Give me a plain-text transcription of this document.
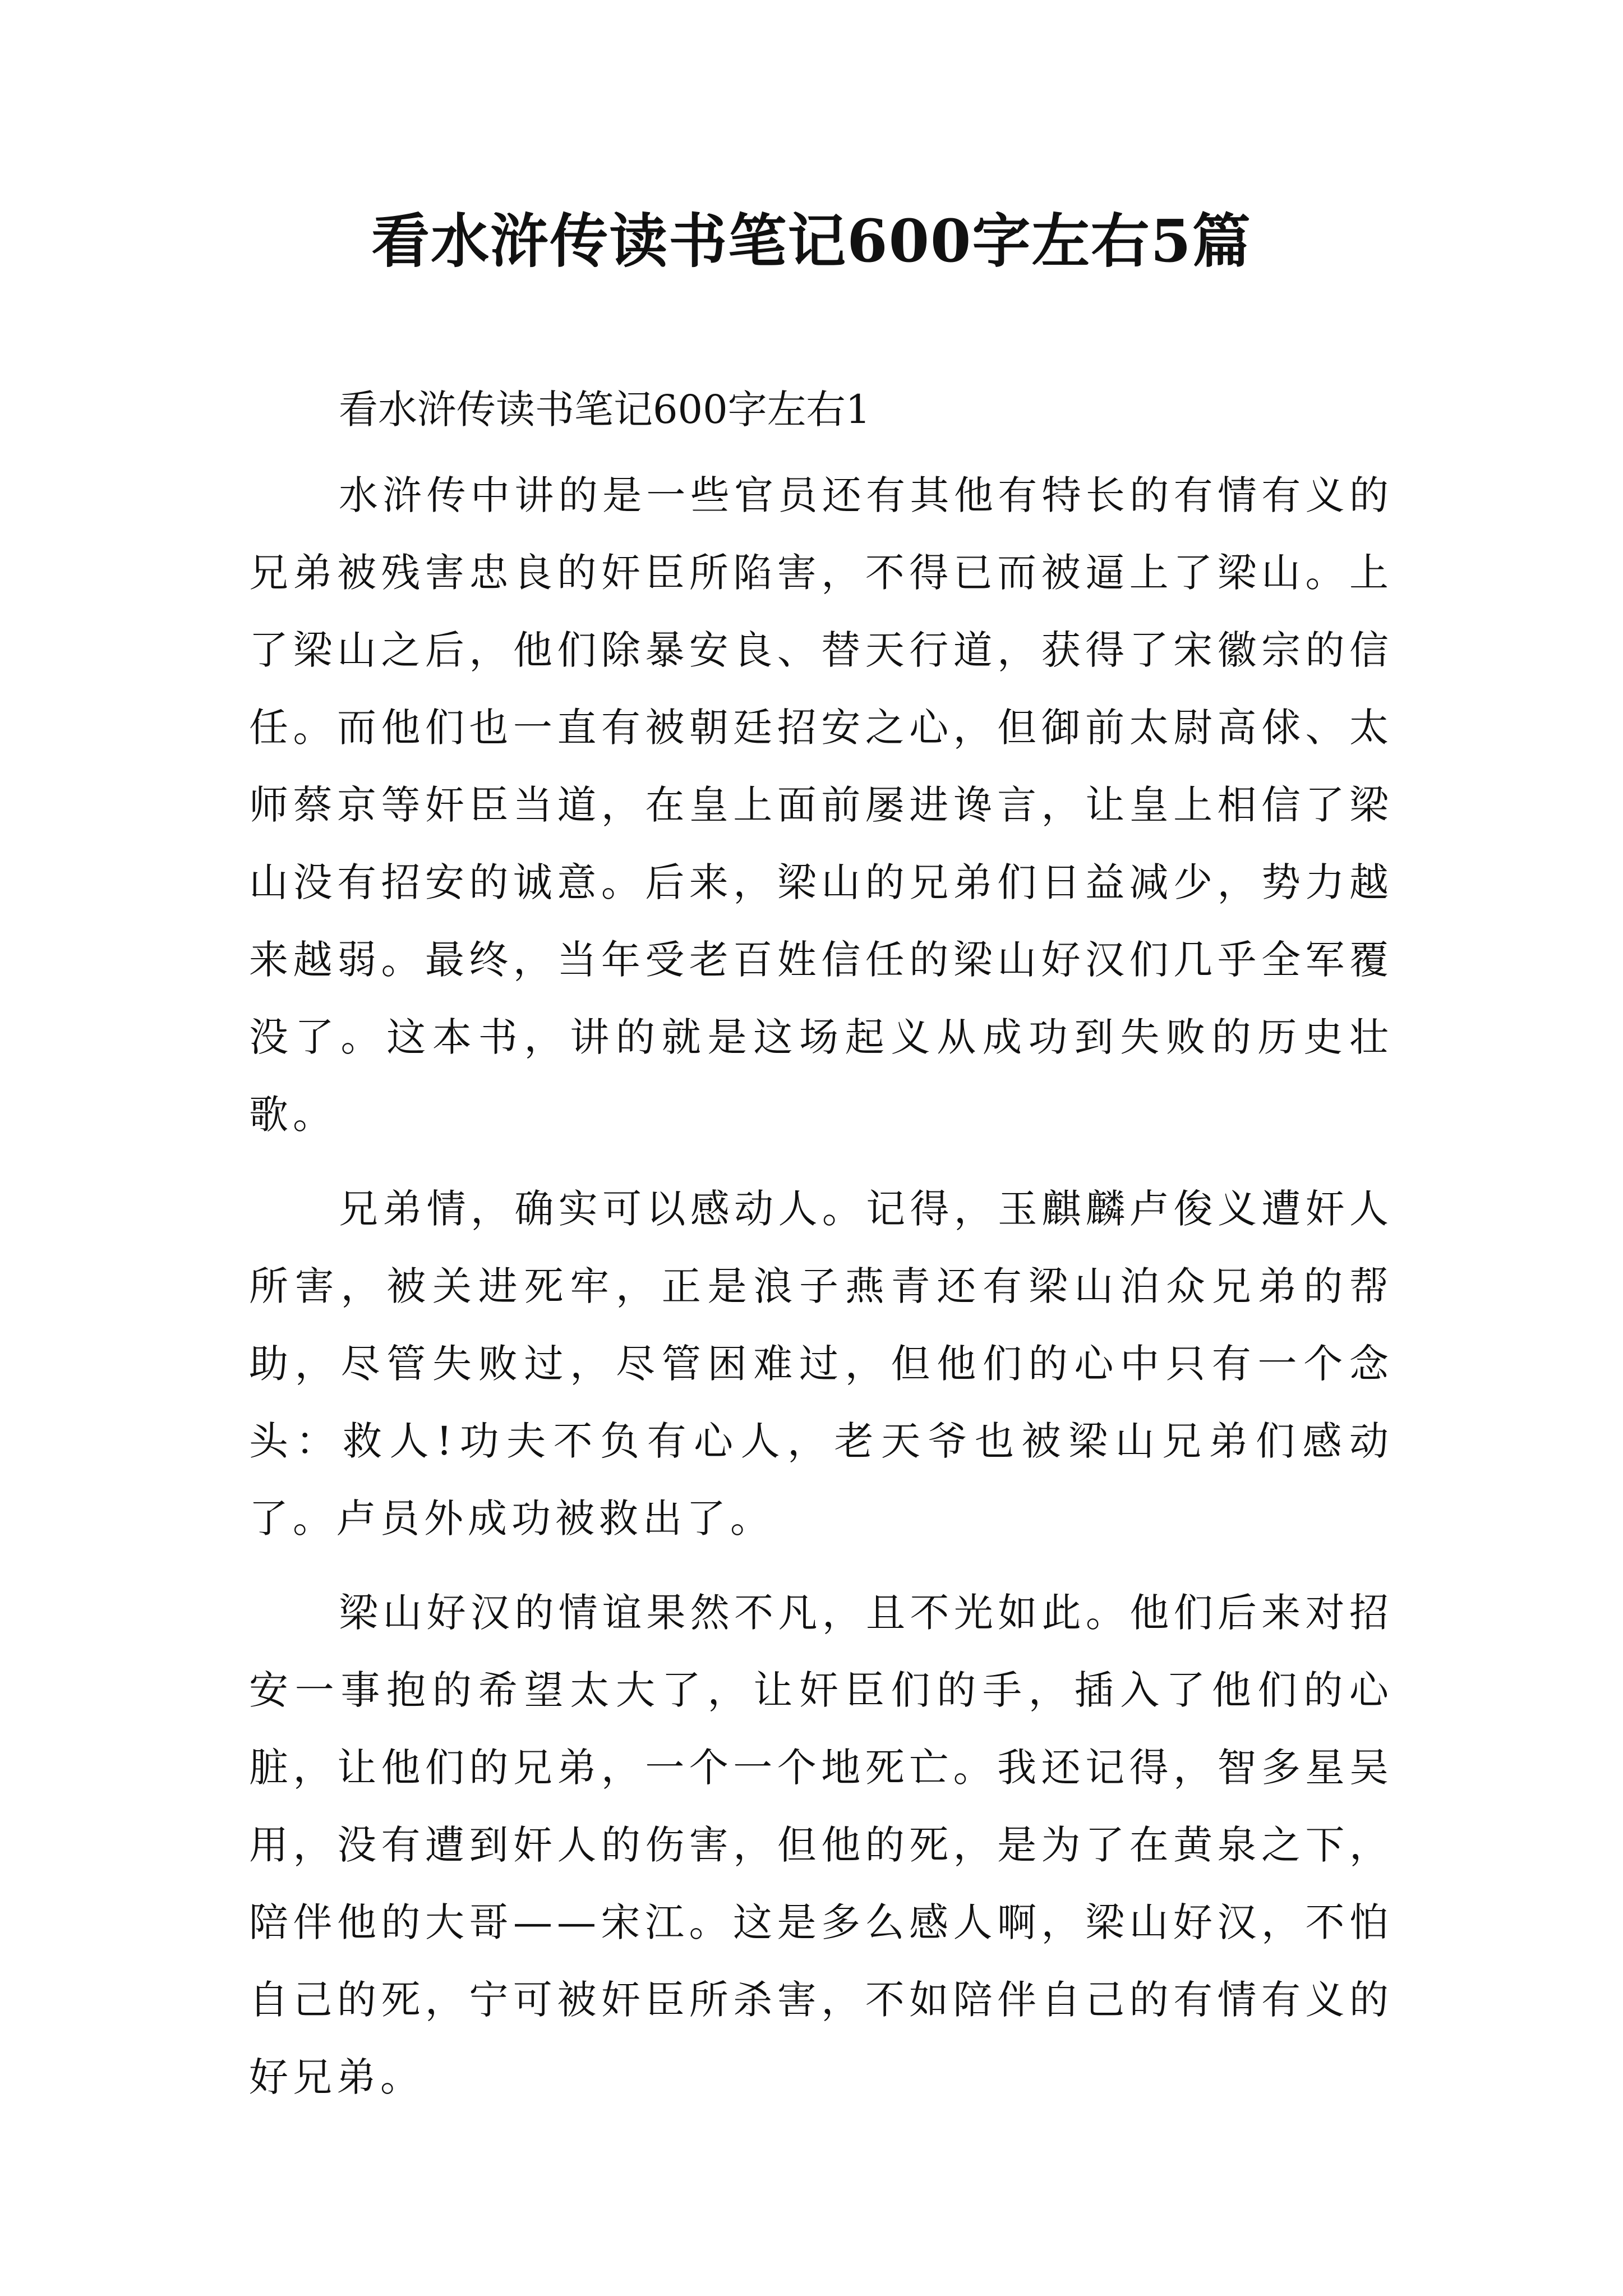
看水浒传读书笔记600字左右5篇

看水浒传读书笔记600字左右1

水浒传中讲的是一些官员还有其他有特长的有情有义的兄弟被残害忠良的奸臣所陷害，不得已而被逼上了梁山。上了梁山之后，他们除暴安良、替天行道，获得了宋徽宗的信任。而他们也一直有被朝廷招安之心，但御前太尉高俅、太师蔡京等奸臣当道，在皇上面前屡进谗言，让皇上相信了梁山没有招安的诚意。后来，梁山的兄弟们日益减少，势力越来越弱。最终，当年受老百姓信任的梁山好汉们几乎全军覆没了。这本书，讲的就是这场起义从成功到失败的历史壮歌。

兄弟情，确实可以感动人。记得，玉麒麟卢俊义遭奸人所害，被关进死牢，正是浪子燕青还有梁山泊众兄弟的帮助，尽管失败过，尽管困难过，但他们的心中只有一个念头：救人!功夫不负有心人，老天爷也被梁山兄弟们感动了。卢员外成功被救出了。

梁山好汉的情谊果然不凡，且不光如此。他们后来对招安一事抱的希望太大了，让奸臣们的手，插入了他们的心脏，让他们的兄弟，一个一个地死亡。我还记得，智多星吴用，没有遭到奸人的伤害，但他的死，是为了在黄泉之下，陪伴他的大哥——宋江。这是多么感人啊，梁山好汉，不怕自己的死，宁可被奸臣所杀害，不如陪伴自己的有情有义的好兄弟。
